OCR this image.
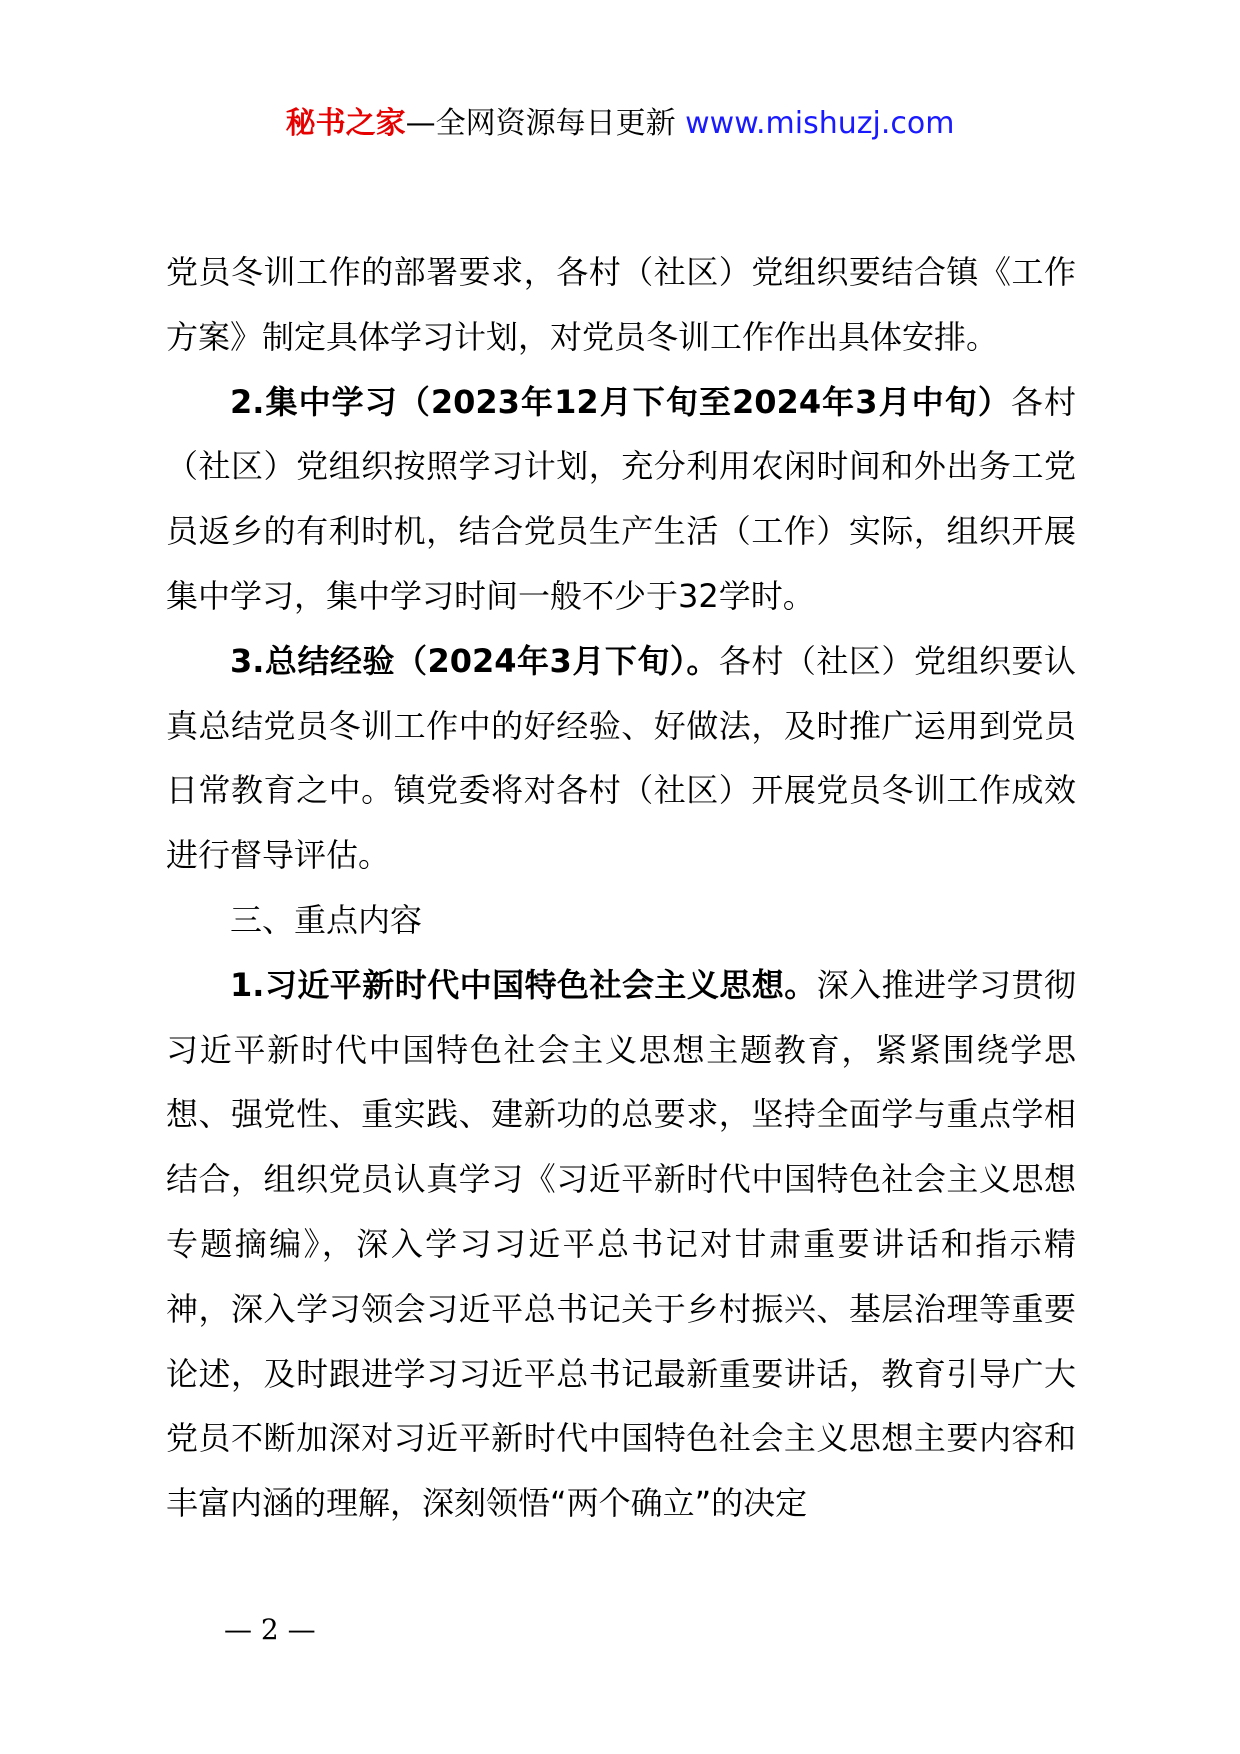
秘书之家—全网资源每日更新 www.mishuzj.com

党员冬训工作的部署要求，各村（社区）党组织要结合镇《工作方案》制定具体学习计划，对党员冬训工作作出具体安排。

2.集中学习（2023年12月下旬至2024年3月中旬）各村（社区）党组织按照学习计划，充分利用农闲时间和外出务工党员返乡的有利时机，结合党员生产生活（工作）实际，组织开展集中学习，集中学习时间一般不少于32学时。

3.总结经验（2024年3月下旬）。各村（社区）党组织要认真总结党员冬训工作中的好经验、好做法，及时推广运用到党员日常教育之中。镇党委将对各村（社区）开展党员冬训工作成效进行督导评估。

三、重点内容

1.习近平新时代中国特色社会主义思想。深入推进学习贯彻习近平新时代中国特色社会主义思想主题教育，紧紧围绕学思想、强党性、重实践、建新功的总要求，坚持全面学与重点学相结合，组织党员认真学习《习近平新时代中国特色社会主义思想专题摘编》，深入学习习近平总书记对甘肃重要讲话和指示精神，深入学习领会习近平总书记关于乡村振兴、基层治理等重要论述，及时跟进学习习近平总书记最新重要讲话，教育引导广大党员不断加深对习近平新时代中国特色社会主义思想主要内容和丰富内涵的理解，深刻领悟“两个确立”的决定

— 2 —
